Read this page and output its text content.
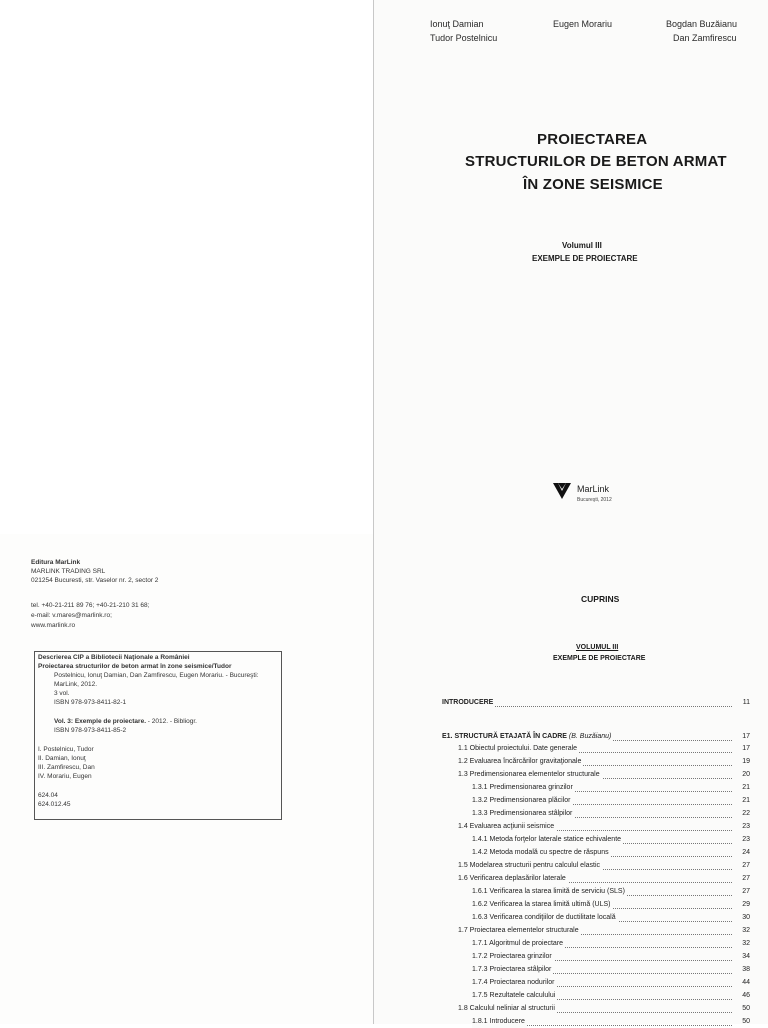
Ionuţ Damian
Tudor Postelnicu
Eugen Morariu	Bogdan Buzăianu
Dan Zamfirescu
PROIECTAREA
STRUCTURILOR DE BETON ARMAT
ÎN ZONE SEISMICE
Volumul III
EXEMPLE DE PROIECTARE
MarLink
Bucureşti, 2012
Editura MarLink
MARLINK TRADING SRL
021254 Bucuresti, str. Vaselor nr. 2, sector 2
tel. +40-21-211 89 76; +40-21-210 31 68;
e-mail: v.mares@marlink.ro;
www.marlink.ro
Descrierea CIP a Bibliotecii Naţionale a României
Proiectarea structurilor de beton armat în zone seismice/Tudor
Postelnicu, Ionuţ Damian, Dan Zamfirescu, Eugen Morariu. - Bucureşti:
MarLink, 2012.
3 vol.
ISBN 978-973-8411-82-1
Vol. 3: Exemple de proiectare. - 2012. - Bibliogr.
ISBN 978-973-8411-85-2
I. Postelnicu, Tudor
II. Damian, Ionuţ
III. Zamfirescu, Dan
IV. Morariu, Eugen
624.04
624.012.45
CUPRINS
VOLUMUL III
EXEMPLE DE PROIECTARE
INTRODUCERE	11
E1. STRUCTURĂ ETAJATĂ ÎN CADRE (B. Buzăianu)	17
1.1 Obiectul proiectului. Date generale	17
1.2 Evaluarea încărcărilor gravitaţionale	19
1.3 Predimensionarea elementelor structurale	20
1.3.1 Predimensionarea grinzilor	21
1.3.2 Predimensionarea plăcilor	21
1.3.3 Predimensionarea stâlpilor	22
1.4 Evaluarea acţiunii seismice	23
1.4.1 Metoda forţelor laterale statice echivalente	23
1.4.2 Metoda modală cu spectre de răspuns	24
1.5 Modelarea structurii pentru calculul elastic	27
1.6 Verificarea deplasărilor laterale	27
1.6.1 Verificarea la starea limită de serviciu (SLS)	27
1.6.2 Verificarea la starea limită ultimă (ULS)	29
1.6.3 Verificarea condiţiilor de ductilitate locală	30
1.7 Proiectarea elementelor structurale	32
1.7.1 Algoritmul de proiectare	32
1.7.2 Proiectarea grinzilor	34
1.7.3 Proiectarea stâlpilor	38
1.7.4 Proiectarea nodurilor	44
1.7.5 Rezultatele calculului	46
1.8 Calculul neliniar al structurii	50
1.8.1 Introducere	50
